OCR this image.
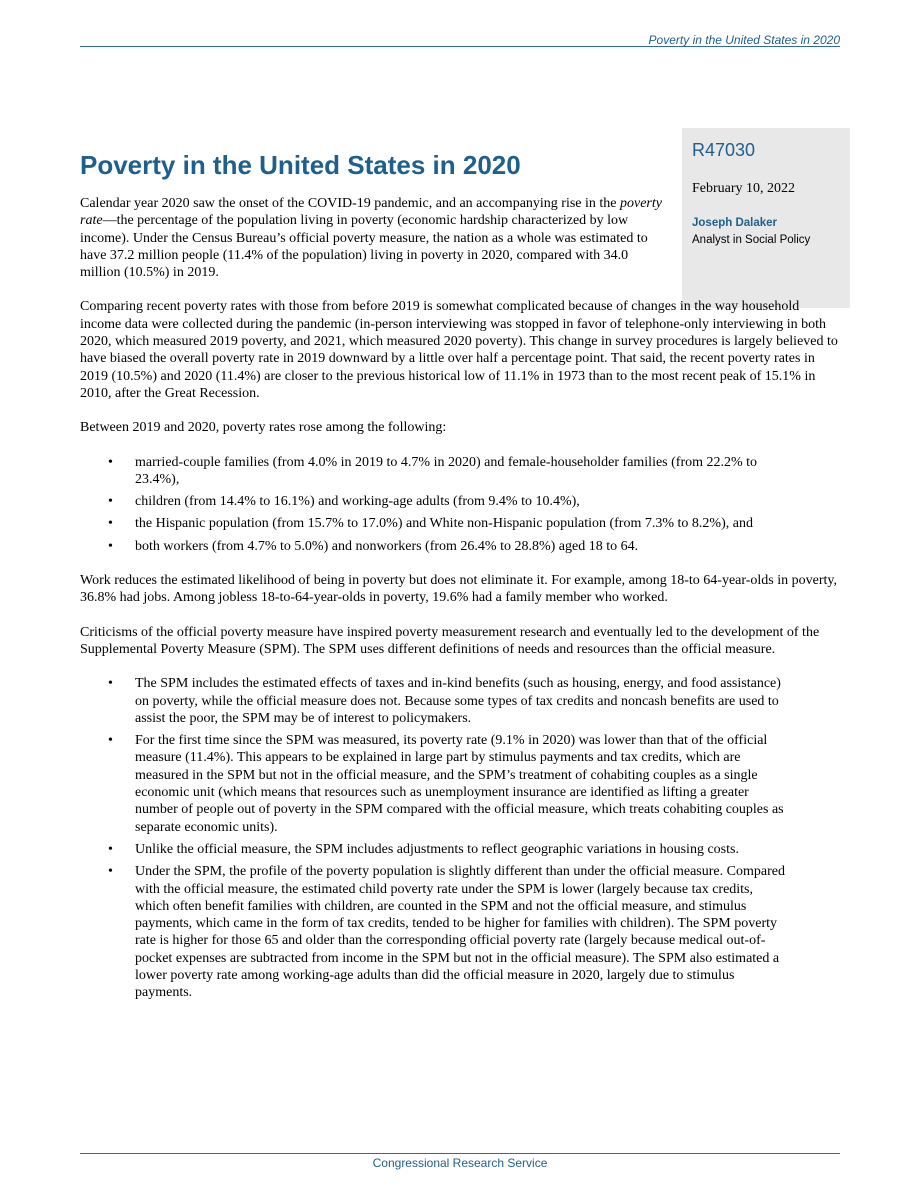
Poverty in the United States in 2020
R47030
February 10, 2022
Joseph Dalaker
Analyst in Social Policy
Poverty in the United States in 2020

Calendar year 2020 saw the onset of the COVID-19 pandemic, and an accompanying rise in the poverty rate—the percentage of the population living in poverty (economic hardship characterized by low income). Under the Census Bureau’s official poverty measure, the nation as a whole was estimated to have 37.2 million people (11.4% of the population) living in poverty in 2020, compared with 34.0 million (10.5%) in 2019.

Comparing recent poverty rates with those from before 2019 is somewhat complicated because of changes in the way household income data were collected during the pandemic (in-person interviewing was stopped in favor of telephone-only interviewing in both 2020, which measured 2019 poverty, and 2021, which measured 2020 poverty). This change in survey procedures is largely believed to have biased the overall poverty rate in 2019 downward by a little over half a percentage point. That said, the recent poverty rates in 2019 (10.5%) and 2020 (11.4%) are closer to the previous historical low of 11.1% in 1973 than to the most recent peak of 15.1% in 2010, after the Great Recession.

Between 2019 and 2020, poverty rates rose among the following:

• married-couple families (from 4.0% in 2019 to 4.7% in 2020) and female-householder families (from 22.2% to 23.4%),
• children (from 14.4% to 16.1%) and working-age adults (from 9.4% to 10.4%),
• the Hispanic population (from 15.7% to 17.0%) and White non-Hispanic population (from 7.3% to 8.2%), and
• both workers (from 4.7% to 5.0%) and nonworkers (from 26.4% to 28.8%) aged 18 to 64.

Work reduces the estimated likelihood of being in poverty but does not eliminate it. For example, among 18-to 64-year-olds in poverty, 36.8% had jobs. Among jobless 18-to-64-year-olds in poverty, 19.6% had a family member who worked.

Criticisms of the official poverty measure have inspired poverty measurement research and eventually led to the development of the Supplemental Poverty Measure (SPM). The SPM uses different definitions of needs and resources than the official measure.

• The SPM includes the estimated effects of taxes and in-kind benefits (such as housing, energy, and food assistance) on poverty, while the official measure does not. Because some types of tax credits and noncash benefits are used to assist the poor, the SPM may be of interest to policymakers.
• For the first time since the SPM was measured, its poverty rate (9.1% in 2020) was lower than that of the official measure (11.4%). This appears to be explained in large part by stimulus payments and tax credits, which are measured in the SPM but not in the official measure, and the SPM’s treatment of cohabiting couples as a single economic unit (which means that resources such as unemployment insurance are identified as lifting a greater number of people out of poverty in the SPM compared with the official measure, which treats cohabiting couples as separate economic units).
• Unlike the official measure, the SPM includes adjustments to reflect geographic variations in housing costs.
• Under the SPM, the profile of the poverty population is slightly different than under the official measure. Compared with the official measure, the estimated child poverty rate under the SPM is lower (largely because tax credits, which often benefit families with children, are counted in the SPM and not the official measure, and stimulus payments, which came in the form of tax credits, tended to be higher for families with children). The SPM poverty rate is higher for those 65 and older than the corresponding official poverty rate (largely because medical out-of-pocket expenses are subtracted from income in the SPM but not in the official measure). The SPM also estimated a lower poverty rate among working-age adults than did the official measure in 2020, largely due to stimulus payments.
Congressional Research Service
